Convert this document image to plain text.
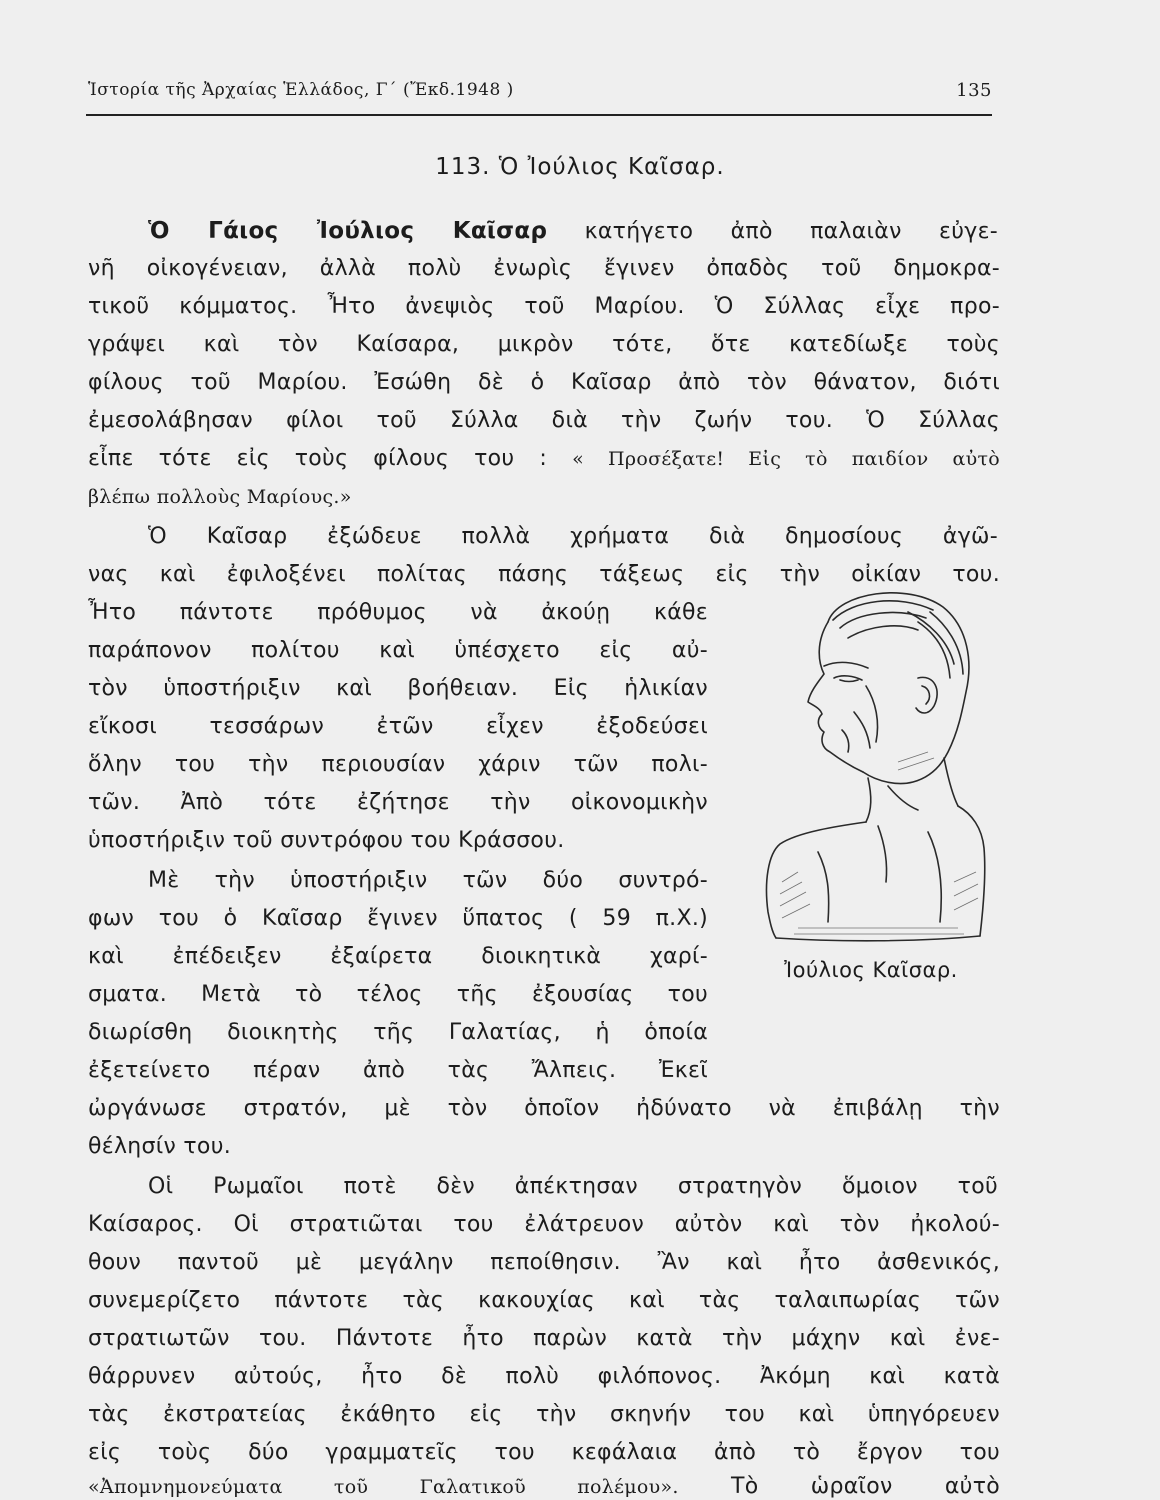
Ἱστορία τῆς Ἀρχαίας Ἑλλάδος, Γ΄ (Ἔκδ.1948 )	135
113. Ὁ Ἰούλιος Καῖσαρ.
Ὁ Γάιος Ἰούλιος Καῖσαρ κατήγετο ἀπὸ παλαιὰν εὐγε-
νῆ οἰκογένειαν, ἀλλὰ πολὺ ἐνωρὶς ἔγινεν ὀπαδὸς τοῦ δημοκρα-
τικοῦ κόμματος. Ἦτο ἀνεψιὸς τοῦ Μαρίου. Ὁ Σύλλας εἶχε προ-
γράψει καὶ τὸν Καίσαρα, μικρὸν τότε, ὅτε κατεδίωξε τοὺς
φίλους τοῦ Μαρίου. Ἐσώθη δὲ ὁ Καῖσαρ ἀπὸ τὸν θάνατον, διότι
ἐμεσολάβησαν φίλοι τοῦ Σύλλα διὰ τὴν ζωήν του. Ὁ Σύλλας
εἶπε τότε εἰς τοὺς φίλους του : « Προσέξατε! Εἰς τὸ παιδίον αὐτὸ
βλέπω πολλοὺς Μαρίους.»
Ὁ Καῖσαρ ἐξώδευε πολλὰ χρήματα διὰ δημοσίους ἀγῶ-
νας καὶ ἐφιλοξένει πολίτας πάσης τάξεως εἰς τὴν οἰκίαν του.
Ἦτο πάντοτε πρόθυμος νὰ ἀκούῃ κάθε
παράπονον πολίτου καὶ ὑπέσχετο εἰς αὐ-
τὸν ὑποστήριξιν καὶ βοήθειαν. Εἰς ἡλικίαν
εἴκοσι τεσσάρων ἐτῶν εἶχεν ἐξοδεύσει
ὅλην του τὴν περιουσίαν χάριν τῶν πολι-
τῶν. Ἀπὸ τότε ἐζήτησε τὴν οἰκονομικὴν
ὑποστήριξιν τοῦ συντρόφου του Κράσσου.
Μὲ τὴν ὑποστήριξιν τῶν δύο συντρό-
φων του ὁ Καῖσαρ ἔγινεν ὕπατος ( 59 π.Χ.)
καὶ ἐπέδειξεν ἐξαίρετα διοικητικὰ χαρί-
σματα. Μετὰ τὸ τέλος τῆς ἐξουσίας του
διωρίσθη διοικητὴς τῆς Γαλατίας, ἡ ὁποία
ἐξετείνετο πέραν ἀπὸ τὰς Ἄλπεις. Ἐκεῖ
ὠργάνωσε στρατόν, μὲ τὸν ὁποῖον ἠδύνατο νὰ ἐπιβάλῃ τὴν
θέλησίν του.
Οἱ Ρωμαῖοι ποτὲ δὲν ἀπέκτησαν στρατηγὸν ὅμοιον τοῦ
Καίσαρος. Οἱ στρατιῶται του ἐλάτρευον αὐτὸν καὶ τὸν ἠκολού-
θουν παντοῦ μὲ μεγάλην πεποίθησιν. Ἂν καὶ ἦτο ἀσθενικός,
συνεμερίζετο πάντοτε τὰς κακουχίας καὶ τὰς ταλαιπωρίας τῶν
στρατιωτῶν του. Πάντοτε ἦτο παρὼν κατὰ τὴν μάχην καὶ ἐνε-
θάρρυνεν αὐτούς, ἦτο δὲ πολὺ φιλόπονος. Ἀκόμη καὶ κατὰ
τὰς ἐκστρατείας ἐκάθητο εἰς τὴν σκηνήν του καὶ ὑπηγόρευεν
εἰς τοὺς δύο γραμματεῖς του κεφάλαια ἀπὸ τὸ ἔργον του
«Ἀπομνημονεύματα τοῦ Γαλατικοῦ πολέμου». Τὸ ὡραῖον αὐτὸ
Ἰούλιος Καῖσαρ.
